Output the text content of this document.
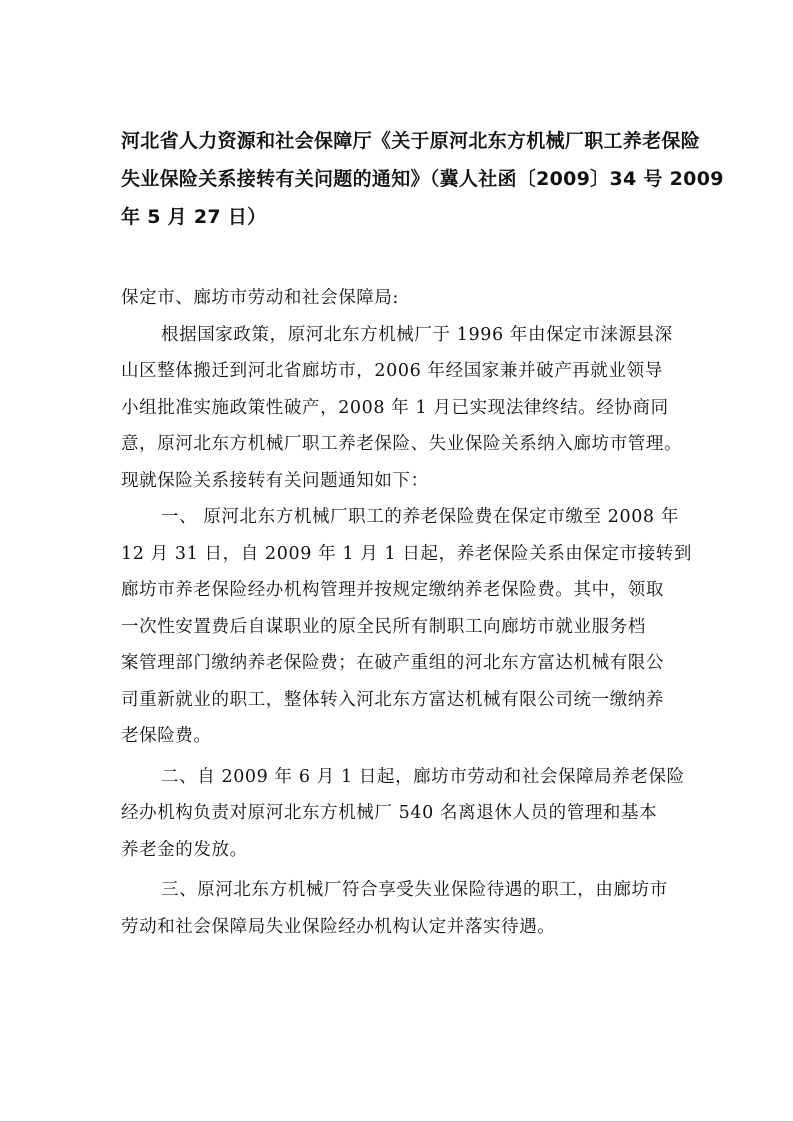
河北省人力资源和社会保障厅《关于原河北东方机械厂职工养老保险
失业保险关系接转有关问题的通知》（冀人社函〔2009〕34 号 2009
年 5 月 27 日）
保定市、廊坊市劳动和社会保障局:
根据国家政策，原河北东方机械厂于 1996 年由保定市涞源县深
山区整体搬迁到河北省廊坊市，2006 年经国家兼并破产再就业领导
小组批准实施政策性破产，2008 年 1 月已实现法律终结。经协商同
意，原河北东方机械厂职工养老保险、失业保险关系纳入廊坊市管理。
现就保险关系接转有关问题通知如下：
一、 原河北东方机械厂职工的养老保险费在保定市缴至 2008 年
12 月 31 日，自 2009 年 1 月 1 日起，养老保险关系由保定市接转到
廊坊市养老保险经办机构管理并按规定缴纳养老保险费。其中，领取
一次性安置费后自谋职业的原全民所有制职工向廊坊市就业服务档
案管理部门缴纳养老保险费；在破产重组的河北东方富达机械有限公
司重新就业的职工，整体转入河北东方富达机械有限公司统一缴纳养
老保险费。
二、自 2009 年 6 月 1 日起，廊坊市劳动和社会保障局养老保险
经办机构负责对原河北东方机械厂 540 名离退休人员的管理和基本
养老金的发放。
三、原河北东方机械厂符合享受失业保险待遇的职工，由廊坊市
劳动和社会保障局失业保险经办机构认定并落实待遇。
